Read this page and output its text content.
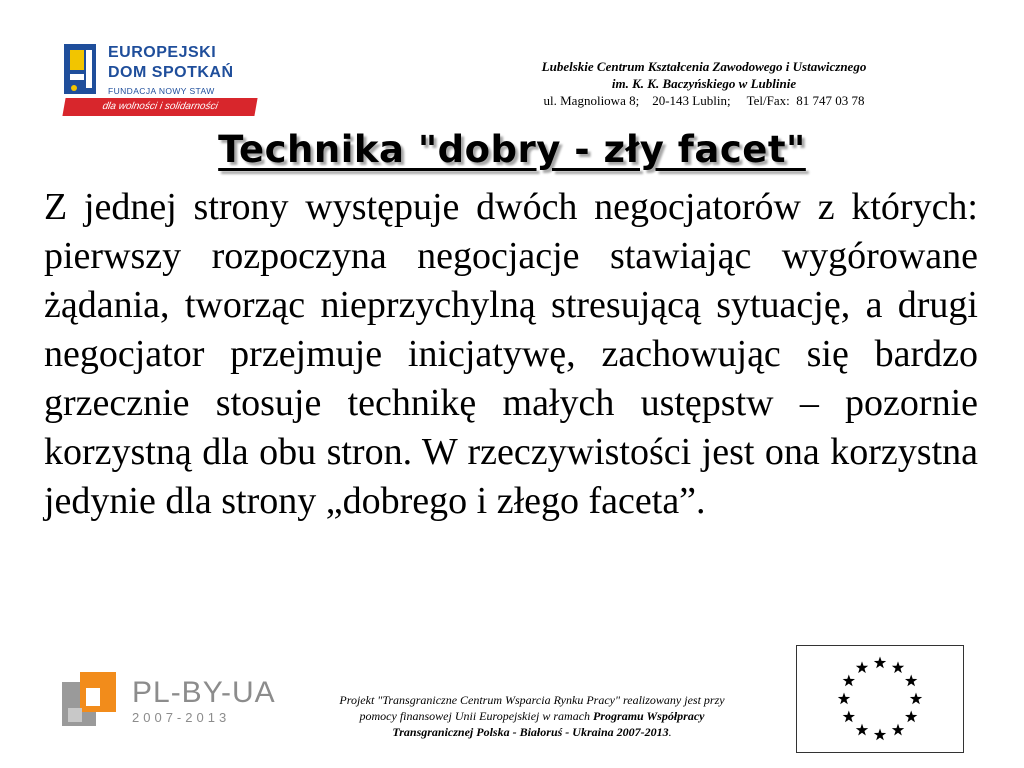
EUROPEJSKI
DOM SPOTKAŃ
FUNDACJA NOWY STAW
dla wolności i solidarności
Lubelskie Centrum Kształcenia Zawodowego i Ustawicznego
im. K. K. Baczyńskiego w Lublinie
ul. Magnoliowa 8;    20-143 Lublin;     Tel/Fax:  81 747 03 78
Technika "dobry - zły facet"
Z jednej strony występuje dwóch negocjatorów z których: pierwszy rozpoczyna negocjacje stawiając wygórowane żądania, tworząc nieprzychylną stresującą sytuację, a drugi negocjator przejmuje inicjatywę, zachowując się bardzo grzecznie stosuje technikę małych ustępstw – pozornie korzystną dla obu stron. W rzeczywistości jest ona korzystna jedynie dla strony „dobrego i złego faceta”.
PL-BY-UA
2007-2013
Projekt "Transgraniczne Centrum Wsparcia Rynku Pracy" realizowany jest przy
pomocy finansowej Unii Europejskiej w ramach Programu Współpracy
Transgranicznej Polska - Białoruś - Ukraina 2007-2013.
